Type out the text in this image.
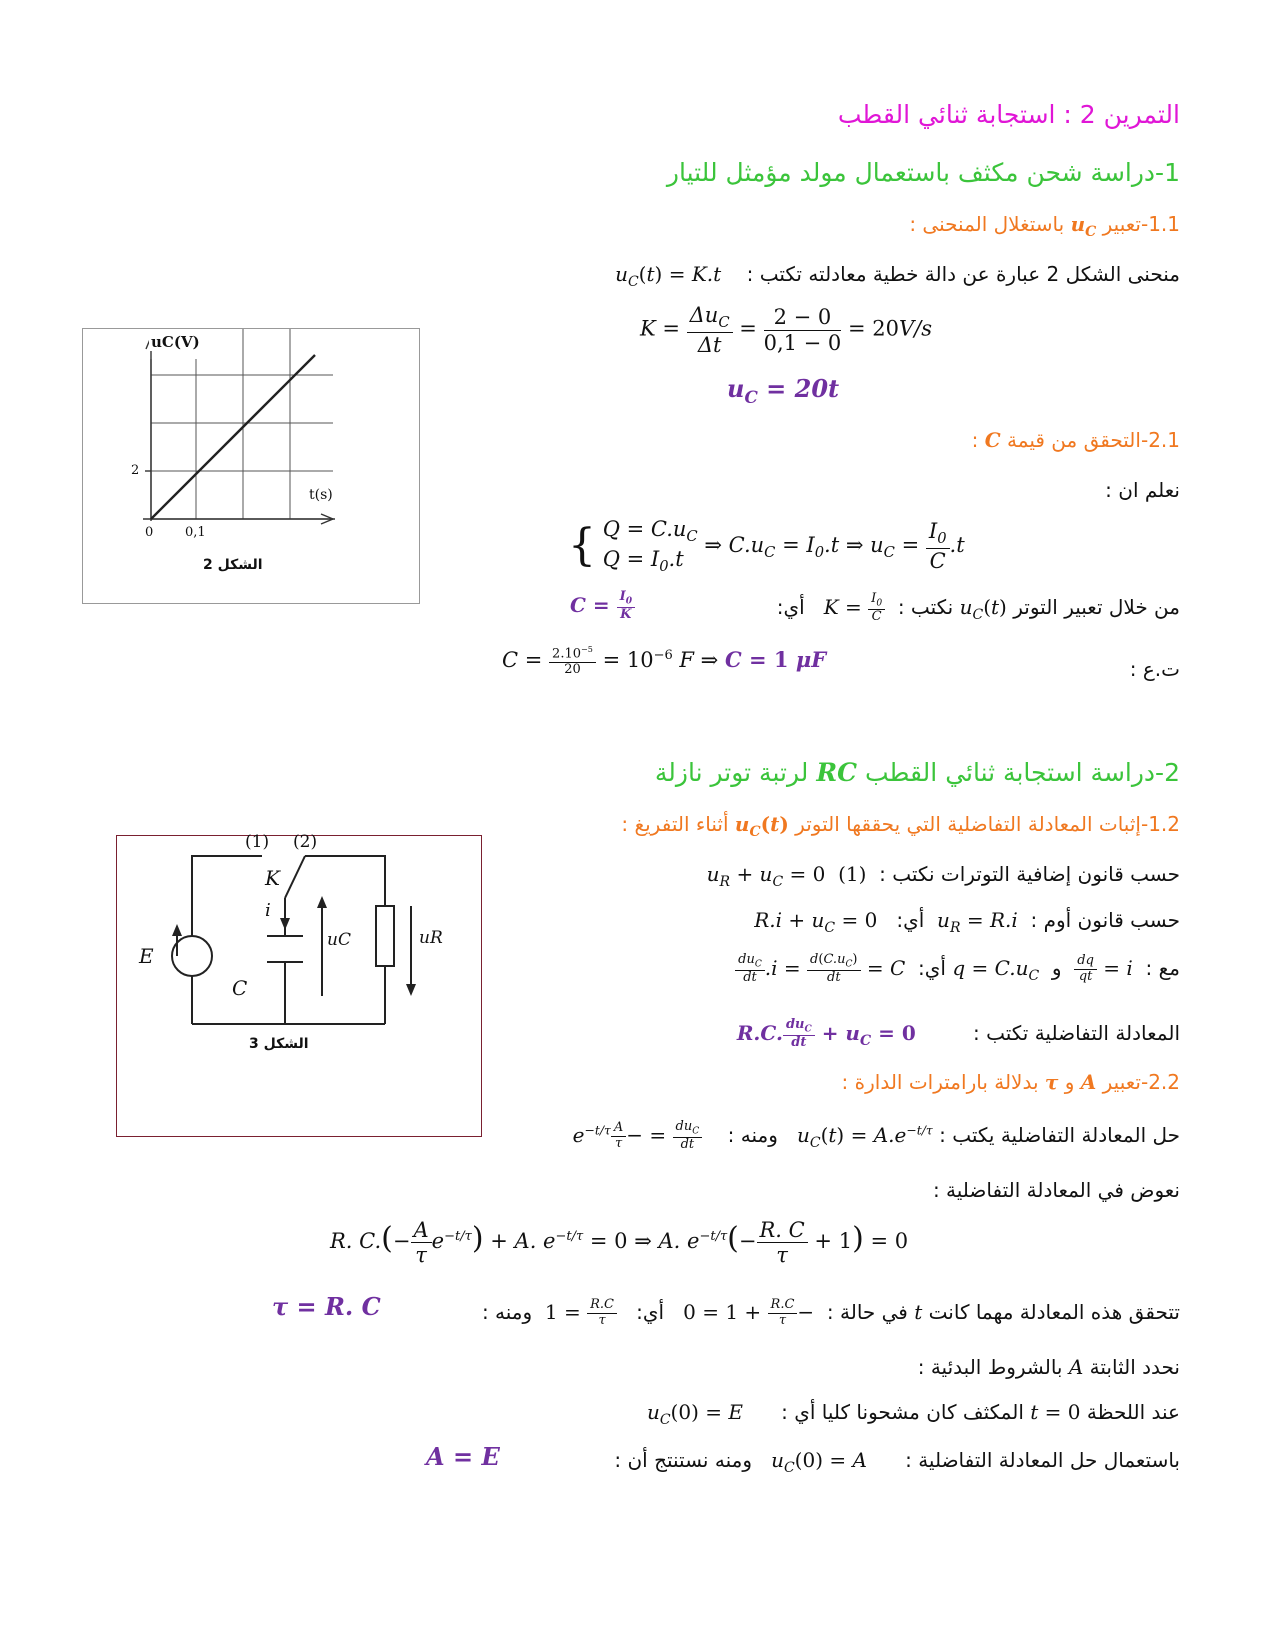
التمرين 2 : استجابة ثنائي القطب
1-دراسة شحن مكثف باستعمال مولد مؤمثل للتيار
1.1-تعبير $u_C$ باستغلال المنحنى :
منحنى الشكل 2 عبارة عن دالة خطية معادلته تكتب :    $u_C(t) = K.t$
$K = \frac{\Delta u_C}{\Delta t} = \frac{2 - 0}{0,1 - 0} = 20V/s$
$u_C = 20t$
2.1-التحقق من قيمة C :
نعلم ان :
{ $Q = C.u_C$
$Q = I_0.t$ ⇒ $C.u_C = I_0.t$ ⇒ $u_C = \frac{I_0}{C} .t$
من خلال تعبير التوتر $u_C(t)$ نكتب :
$\frac{I_0}{C}$
= K   أي:
$C = \frac{I_0}{K}$
ت.ع :
$C = \frac{2.10^{-5}}{20} = 10^{-6}$ F ⇒ C = 1 μF
uC(V)
t(s)
0 0,1
2
الشكل 2
2-دراسة استجابة ثنائي القطب RC لرتبة توتر نازلة
1.2-إثبات المعادلة التفاضلية التي يحققها التوتر $u_C(t)$ أثناء التفريغ :
حسب قانون إضافية التوترات نكتب :  $u_R + u_C = 0$  (1)
حسب قانون أوم :  $u_R = R.i$  أي:   $R.i + u_C = 0$
مع :  i =
$\frac{dq}{qt}$
و  $q = C.u_C$ أي:  $i = \frac{d(C.u_C)}{dt} = C$.
$\frac{du_C}{dt}$
المعادلة التفاضلية تكتب :         R.C. $\frac{du_C}{dt} + u_C = 0$
2.2-تعبير A و τ بدلالة بارامترات الدارة :
حل المعادلة التفاضلية يكتب : $u_C(t) = A.e^{-t/\tau}$   ومنه :
$\frac{du_C}{dt}$
= −
$\frac{A}{\tau}$
$e^{-t/\tau}$
نعوض في المعادلة التفاضلية :
R. $C.(- \frac{A}{\tau} e^{-t/\tau}) + A$. $e^{-t/\tau} = 0$ ⇒ A. $e^{-t/\tau}(- \frac{R. C}{\tau} + 1) = 0$
تتحقق هذه المعادلة مهما كانت t في حالة :  −
$\frac{R.C}{\tau}$
+ 1 = 0   أي:
$\frac{R.C}{\tau}$
= 1  ومنه :
τ = R. C
نحدد الثابتة A بالشروط البدئية :
عند اللحظة t = 0 المكثف كان مشحونا كليا أي :      $u_C(0) = E$
باستعمال حل المعادلة التفاضلية :      $u_C(0) = A$   ومنه نستنتج أن :
A = E
(1) (2)
K
i
E
C
uC	uR
الشكل 3
